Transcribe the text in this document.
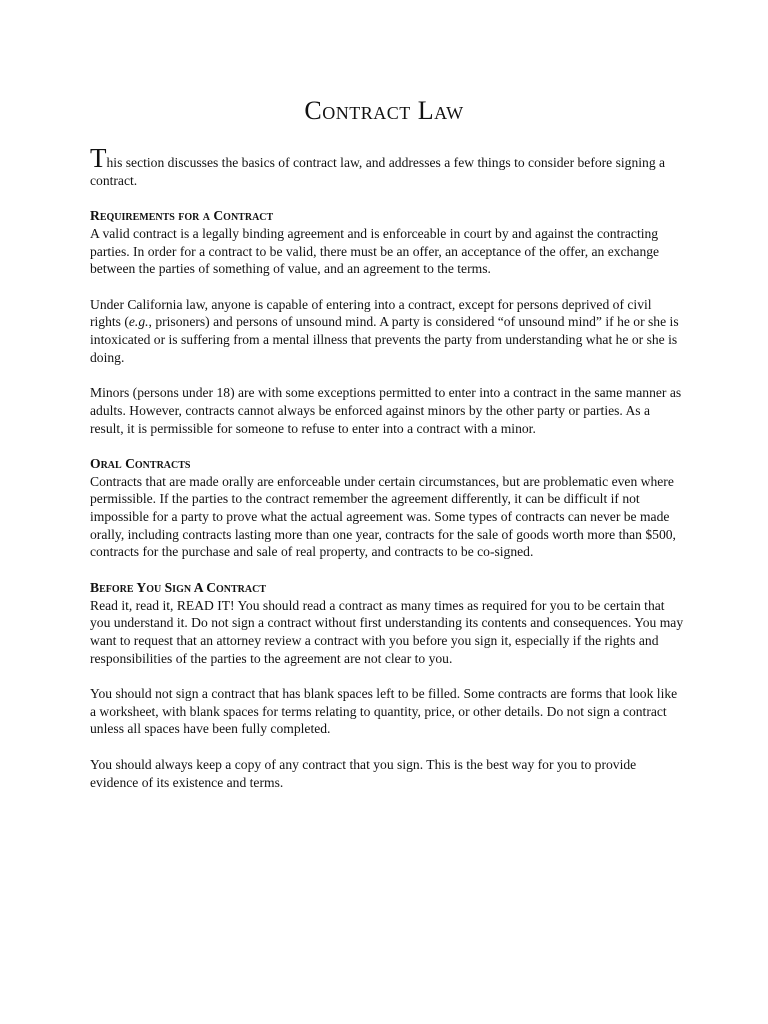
Contract Law

This section discusses the basics of contract law, and addresses a few things to consider before signing a contract.

Requirements for a Contract

A valid contract is a legally binding agreement and is enforceable in court by and against the contracting parties. In order for a contract to be valid, there must be an offer, an acceptance of the offer, an exchange between the parties of something of value, and an agreement to the terms.

Under California law, anyone is capable of entering into a contract, except for persons deprived of civil rights (e.g., prisoners) and persons of unsound mind. A party is considered “of unsound mind” if he or she is intoxicated or is suffering from a mental illness that prevents the party from understanding what he or she is doing.

Minors (persons under 18) are with some exceptions permitted to enter into a contract in the same manner as adults. However, contracts cannot always be enforced against minors by the other party or parties. As a result, it is permissible for someone to refuse to enter into a contract with a minor.

Oral Contracts

Contracts that are made orally are enforceable under certain circumstances, but are problematic even where permissible. If the parties to the contract remember the agreement differently, it can be difficult if not impossible for a party to prove what the actual agreement was. Some types of contracts can never be made orally, including contracts lasting more than one year, contracts for the sale of goods worth more than $500, contracts for the purchase and sale of real property, and contracts to be co-signed.

Before You Sign A Contract

Read it, read it, READ IT! You should read a contract as many times as required for you to be certain that you understand it. Do not sign a contract without first understanding its contents and consequences. You may want to request that an attorney review a contract with you before you sign it, especially if the rights and responsibilities of the parties to the agreement are not clear to you.

You should not sign a contract that has blank spaces left to be filled. Some contracts are forms that look like a worksheet, with blank spaces for terms relating to quantity, price, or other details. Do not sign a contract unless all spaces have been fully completed.

You should always keep a copy of any contract that you sign. This is the best way for you to provide evidence of its existence and terms.
